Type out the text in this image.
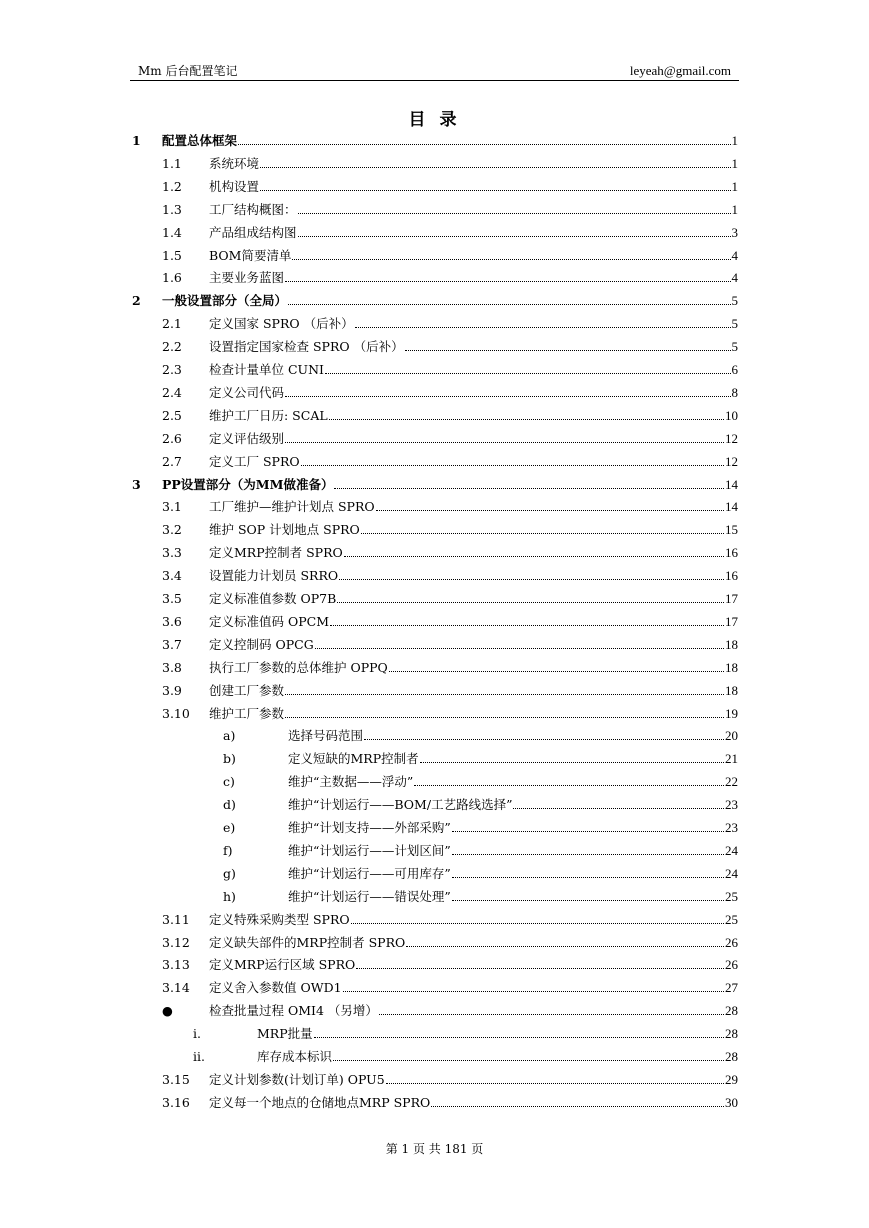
Mm 后台配置笔记	leyeah@gmail.com
目 录
1 配置总体框架	1
1.1 系统环境	1
1.2 机构设置	1
1.3 工厂结构概图：	1
1.4 产品组成结构图	3
1.5 BOM简要清单	4
1.6 主要业务蓝图	4
2 一般设置部分（全局）	5
2.1 定义国家 SPRO （后补）	5
2.2 设置指定国家检查 SPRO （后补）	5
2.3 检查计量单位 CUNI	6
2.4 定义公司代码	8
2.5 维护工厂日历: SCAL	10
2.6 定义评估级别	12
2.7 定义工厂 SPRO	12
3 PP设置部分（为MM做准备）	14
3.1 工厂维护—维护计划点 SPRO	14
3.2 维护 SOP 计划地点 SPRO	15
3.3 定义MRP控制者 SPRO	16
3.4 设置能力计划员 SRRO	16
3.5 定义标准值参数 OP7B	17
3.6 定义标准值码 OPCM	17
3.7 定义控制码 OPCG	18
3.8 执行工厂参数的总体维护 OPPQ	18
3.9 创建工厂参数	18
3.10 维护工厂参数	19
a)	选择号码范围	20
b)	定义短缺的MRP控制者	21
c)	维护“主数据——浮动”	22
d)	维护“计划运行——BOM/工艺路线选择”	23
e)	维护“计划支持——外部采购”	23
f)	维护“计划运行——计划区间”	24
g)	维护“计划运行——可用库存”	24
h)	维护“计划运行——错误处理”	25
3.11 定义特殊采购类型 SPRO	25
3.12 定义缺失部件的MRP控制者 SPRO	26
3.13 定义MRP运行区域 SPRO	26
3.14 定义舍入参数值 OWD1	27
●	检查批量过程 OMI4 （另增）	28
i.	MRP批量	28
ii.	库存成本标识	28
3.15 定义计划参数(计划订单) OPU5	29
3.16 定义每一个地点的仓储地点MRP SPRO	30
第 1 页 共 181 页
